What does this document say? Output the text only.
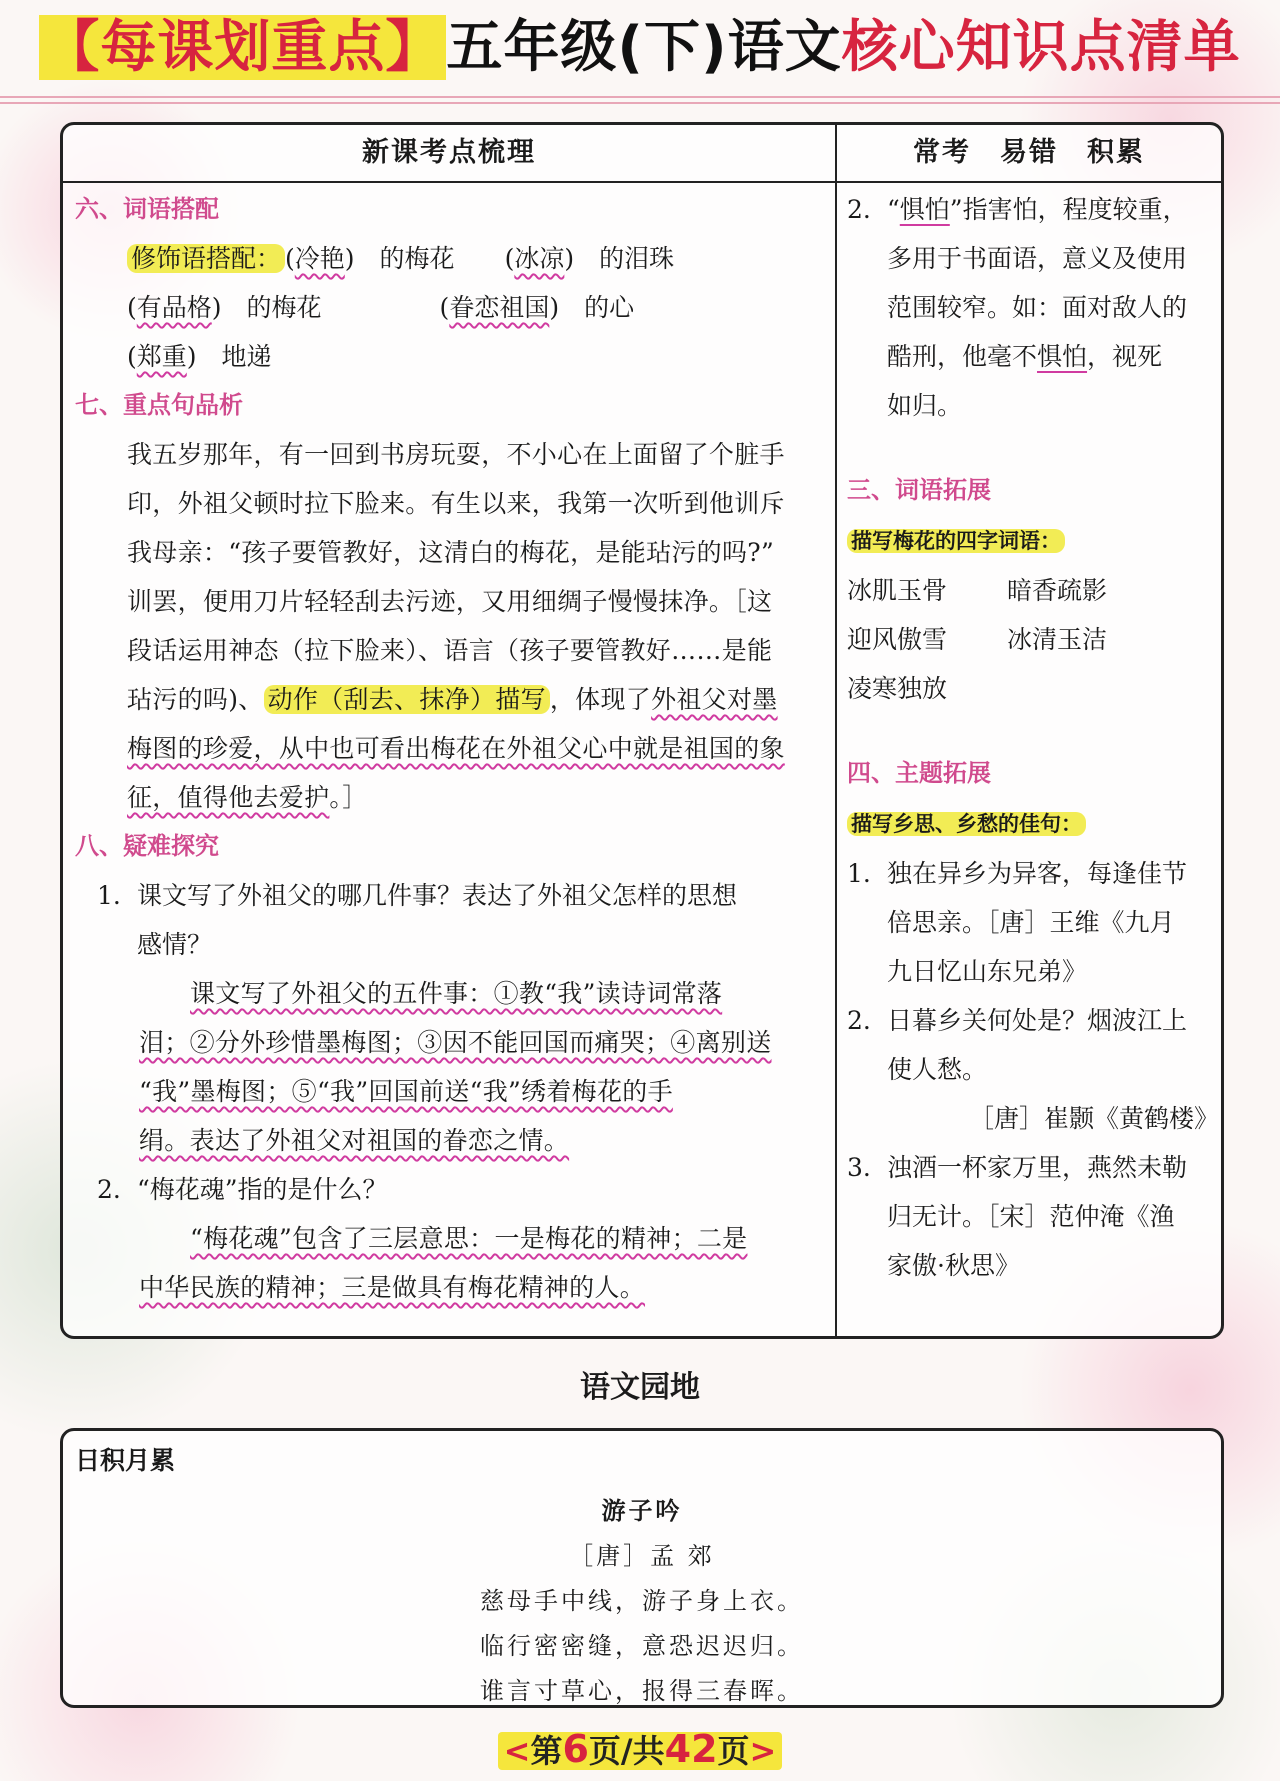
【每课划重点】五年级(下)语文核心知识点清单
新课考点梳理	常考　易错　积累
六、词语搭配
修饰语搭配： (冷艳)　的梅花 (冰凉)　的泪珠
(有品格)　的梅花	(眷恋祖国)　的心
(郑重)　地递
七、重点句品析
我五岁那年，有一回到书房玩耍，不小心在上面留了个脏手
印，外祖父顿时拉下脸来。有生以来，我第一次听到他训斥
我母亲：“孩子要管教好，这清白的梅花，是能玷污的吗?”
训罢，便用刀片轻轻刮去污迹，又用细绸子慢慢抹净。［这
段话运用神态（拉下脸来）、语言（孩子要管教好……是能
玷污的吗)、 动作（刮去、抹净）描写 ，体现了外祖父对墨
梅图的珍爱，从中也可看出梅花在外祖父心中就是祖国的象
征，值得他去爱护。］
八、疑难探究
1. 课文写了外祖父的哪几件事？表达了外祖父怎样的思想
感情？
课文写了外祖父的五件事：①教“我”读诗词常落
泪；②分外珍惜墨梅图；③因不能回国而痛哭；④离别送
“我”墨梅图；⑤“我”回国前送“我”绣着梅花的手
绢。表达了外祖父对祖国的眷恋之情。
2. “梅花魂”指的是什么？
“梅花魂”包含了三层意思：一是梅花的精神；二是
中华民族的精神；三是做具有梅花精神的人。
2. “惧怕”指害怕，程度较重，
多用于书面语，意义及使用
范围较窄。如：面对敌人的
酷刑，他毫不惧怕，视死
如归。
三、词语拓展
描写梅花的四字词语：
冰肌玉骨 暗香疏影
迎风傲雪 冰清玉洁
凌寒独放
四、主题拓展
描写乡思、乡愁的佳句：
1. 独在异乡为异客，每逢佳节
倍思亲。［唐］王维《九月
九日忆山东兄弟》
2. 日暮乡关何处是？烟波江上
使人愁。
［唐］崔颢《黄鹤楼》
3. 浊酒一杯家万里，燕然未勒
归无计。［宋］范仲淹《渔
家傲·秋思》
语文园地
日积月累
游子吟
［唐］孟 郊
慈母手中线，游子身上衣。
临行密密缝，意恐迟迟归。
谁言寸草心，报得三春晖。
<第6页/共42页>
